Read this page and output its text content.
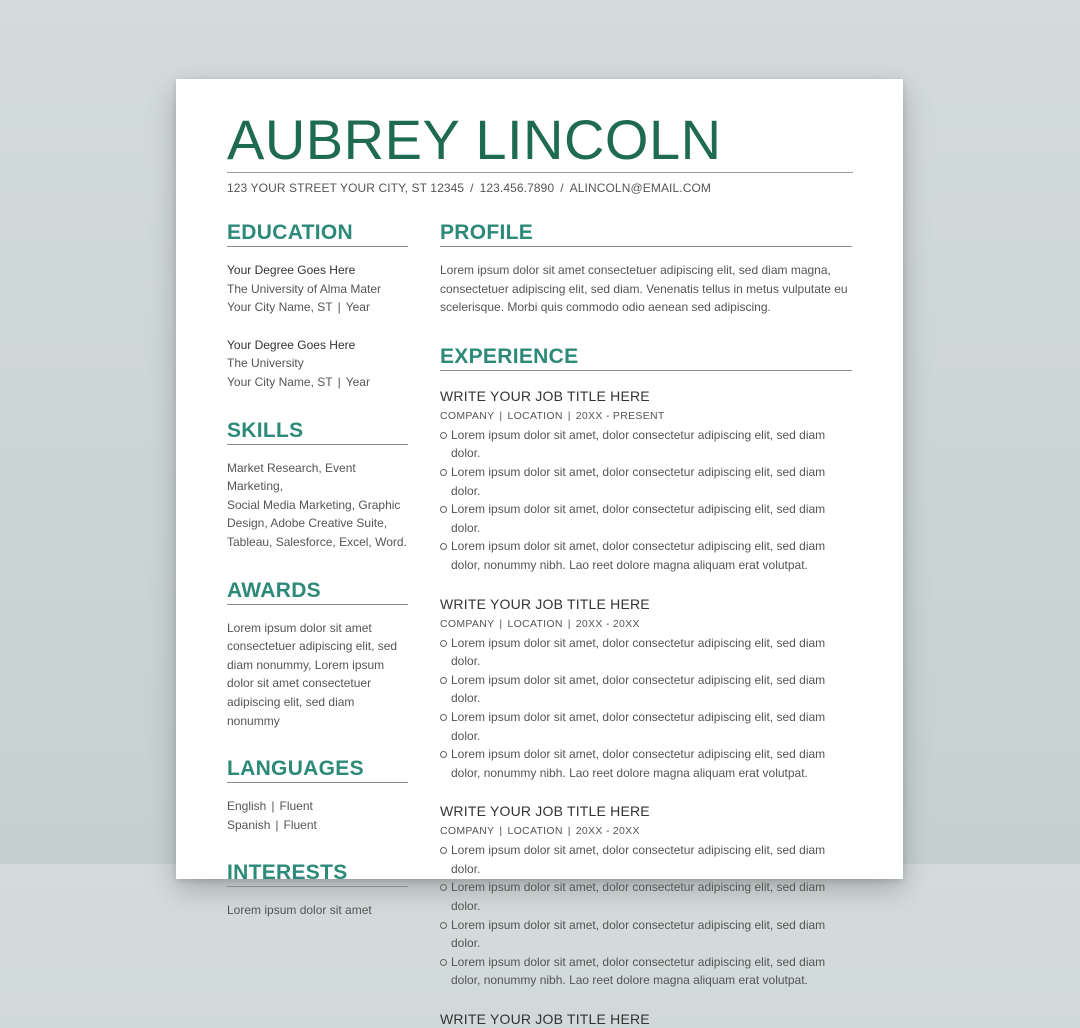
AUBREY LINCOLN
123 YOUR STREET YOUR CITY, ST 12345 / 123.456.7890 / ALINCOLN@EMAIL.COM
EDUCATION
Your Degree Goes Here
The University of Alma Mater
Your City Name, ST | Year
Your Degree Goes Here
The University
Your City Name, ST | Year
SKILLS
Market Research, Event Marketing,
Social Media Marketing, Graphic
Design, Adobe Creative Suite,
Tableau, Salesforce, Excel, Word.
AWARDS
Lorem ipsum dolor sit amet
consectetuer adipiscing elit, sed
diam nonummy, Lorem ipsum
dolor sit amet consectetuer
adipiscing elit, sed diam nonummy
LANGUAGES
English | Fluent
Spanish | Fluent
INTERESTS
Lorem ipsum dolor sit amet
PROFILE
Lorem ipsum dolor sit amet consectetuer adipiscing elit, sed diam magna,
consectetuer adipiscing elit, sed diam. Venenatis tellus in metus vulputate eu
scelerisque. Morbi quis commodo odio aenean sed adipiscing.
EXPERIENCE
WRITE YOUR JOB TITLE HERE
COMPANY | LOCATION | 20XX - PRESENT
Lorem ipsum dolor sit amet, dolor consectetur adipiscing elit, sed diam dolor.
Lorem ipsum dolor sit amet, dolor consectetur adipiscing elit, sed diam dolor.
Lorem ipsum dolor sit amet, dolor consectetur adipiscing elit, sed diam dolor.
Lorem ipsum dolor sit amet, dolor consectetur adipiscing elit, sed diam dolor, nonummy nibh. Lao reet dolore magna aliquam erat volutpat.
WRITE YOUR JOB TITLE HERE
COMPANY | LOCATION | 20XX - 20XX
Lorem ipsum dolor sit amet, dolor consectetur adipiscing elit, sed diam dolor.
Lorem ipsum dolor sit amet, dolor consectetur adipiscing elit, sed diam dolor.
Lorem ipsum dolor sit amet, dolor consectetur adipiscing elit, sed diam dolor.
Lorem ipsum dolor sit amet, dolor consectetur adipiscing elit, sed diam dolor, nonummy nibh. Lao reet dolore magna aliquam erat volutpat.
WRITE YOUR JOB TITLE HERE
COMPANY | LOCATION | 20XX - 20XX
Lorem ipsum dolor sit amet, dolor consectetur adipiscing elit, sed diam dolor.
Lorem ipsum dolor sit amet, dolor consectetur adipiscing elit, sed diam dolor.
Lorem ipsum dolor sit amet, dolor consectetur adipiscing elit, sed diam dolor.
Lorem ipsum dolor sit amet, dolor consectetur adipiscing elit, sed diam dolor, nonummy nibh. Lao reet dolore magna aliquam erat volutpat.
WRITE YOUR JOB TITLE HERE
